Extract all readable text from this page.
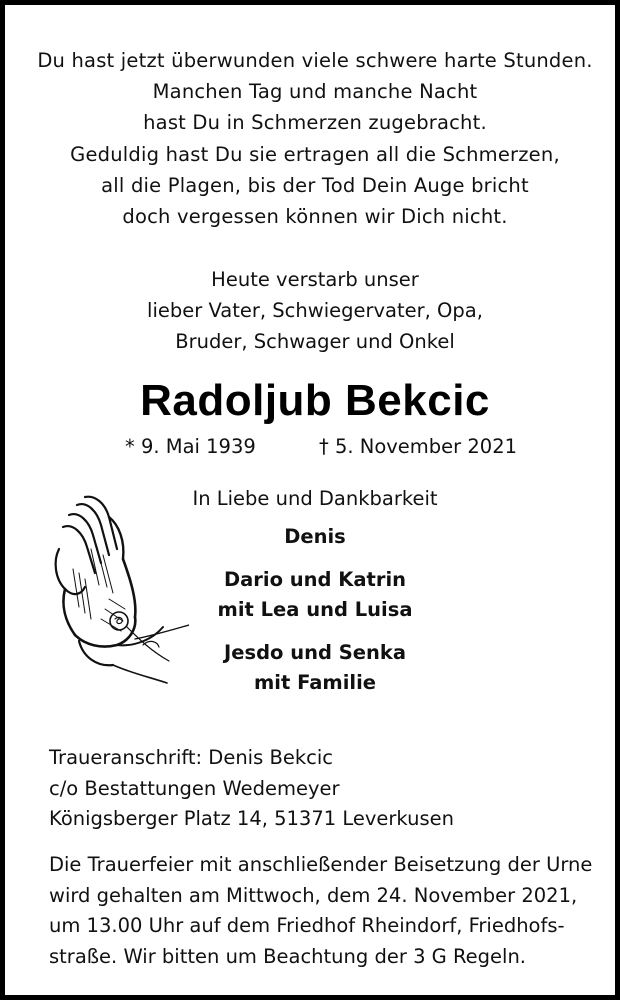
Du hast jetzt überwunden viele schwere harte Stunden.
Manchen Tag und manche Nacht
hast Du in Schmerzen zugebracht.
Geduldig hast Du sie ertragen all die Schmerzen,
all die Plagen, bis der Tod Dein Auge bricht
doch vergessen können wir Dich nicht.
Heute verstarb unser
lieber Vater, Schwiegervater, Opa,
Bruder, Schwager und Onkel
Radoljub Bekcic
* 9. Mai 1939	† 5. November 2021
In Liebe und Dankbarkeit
Denis
Dario und Katrin
mit Lea und Luisa
Jesdo und Senka
mit Familie
Traueranschrift: Denis Bekcic
c/o Bestattungen Wedemeyer
Königsberger Platz 14, 51371 Leverkusen
Die Trauerfeier mit anschließender Beisetzung der Urne
wird gehalten am Mittwoch, dem 24. November 2021,
um 13.00 Uhr auf dem Friedhof Rheindorf, Friedhofs-
straße. Wir bitten um Beachtung der 3 G Regeln.
